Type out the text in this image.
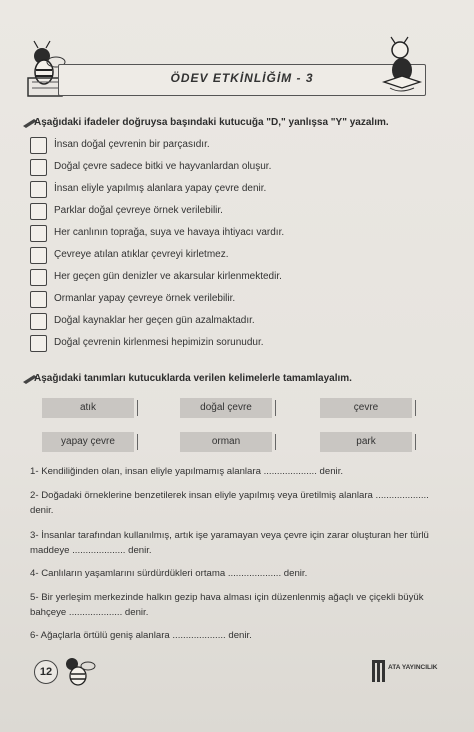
ÖDEV ETKİNLİĞİM - 3
Aşağıdaki ifadeler doğruysa başındaki kutucuğa "D," yanlışsa "Y" yazalım.
İnsan doğal çevrenin bir parçasıdır.
Doğal çevre sadece bitki ve hayvanlardan oluşur.
İnsan eliyle yapılmış alanlara yapay çevre denir.
Parklar doğal çevreye örnek verilebilir.
Her canlının toprağa, suya ve havaya ihtiyacı vardır.
Çevreye atılan atıklar çevreyi kirletmez.
Her geçen gün denizler ve akarsular kirlenmektedir.
Ormanlar yapay çevreye örnek verilebilir.
Doğal kaynaklar her geçen gün azalmaktadır.
Doğal çevrenin kirlenmesi hepimizin sorunudur.
Aşağıdaki tanımları kutucuklarda verilen kelimelerle tamamlayalım.
atık	doğal çevre	çevre
yapay çevre	orman	park
1- Kendiliğinden olan, insan eliyle yapılmamış alanlara .................... denir.
2- Doğadaki örneklerine benzetilerek insan eliyle yapılmış veya üretilmiş alanlara .................... denir.
3- İnsanlar tarafından kullanılmış, artık işe yaramayan veya çevre için zarar oluşturan her türlü maddeye .................... denir.
4- Canlıların yaşamlarını sürdürdükleri ortama .................... denir.
5- Bir yerleşim merkezinde halkın gezip hava alması için düzenlenmiş ağaçlı ve çiçekli büyük bahçeye .................... denir.
6- Ağaçlarla örtülü geniş alanlara .................... denir.
12	ATA YAYINCILIK
